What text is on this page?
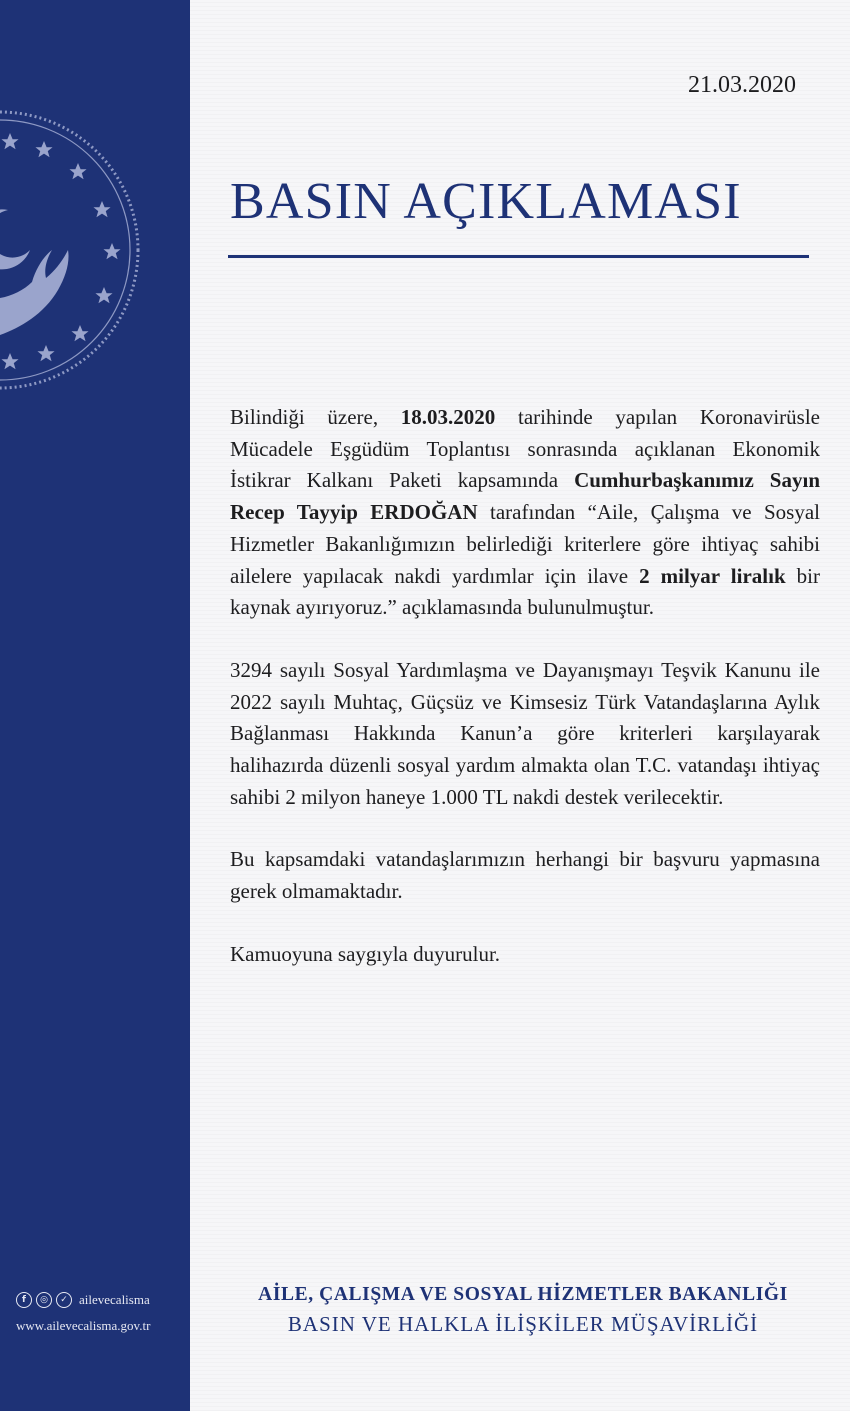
f	◎	✓ ailevecalisma
www.ailevecalisma.gov.tr
21.03.2020
BASIN AÇIKLAMASI

Bilindiği üzere, 18.03.2020 tarihinde yapılan Koronavirüsle Mücadele Eşgüdüm Toplantısı sonrasında açıklanan Ekonomik İstikrar Kalkanı Paketi kapsamında Cumhurbaşkanımız Sayın Recep Tayyip ERDOĞAN tarafından “Aile, Çalışma ve Sosyal Hizmetler Bakanlığımızın belirlediği kriterlere göre ihtiyaç sahibi ailelere yapılacak nakdi yardımlar için ilave 2 milyar liralık bir kaynak ayırıyoruz.” açıklamasında bulunulmuştur.

3294 sayılı Sosyal Yardımlaşma ve Dayanışmayı Teşvik Kanunu ile 2022 sayılı Muhtaç, Güçsüz ve Kimsesiz Türk Vatandaşlarına Aylık Bağlanması Hakkında Kanun’a göre kriterleri karşılayarak halihazırda düzenli sosyal yardım almakta olan T.C. vatandaşı ihtiyaç sahibi 2 milyon haneye 1.000 TL nakdi destek verilecektir.

Bu kapsamdaki vatandaşlarımızın herhangi bir başvuru yapmasına gerek olmamaktadır.

Kamuoyuna saygıyla duyurulur.

AİLE, ÇALIŞMA VE SOSYAL HİZMETLER BAKANLIĞI
BASIN VE HALKLA İLİŞKİLER MÜŞAVİRLİĞİ
